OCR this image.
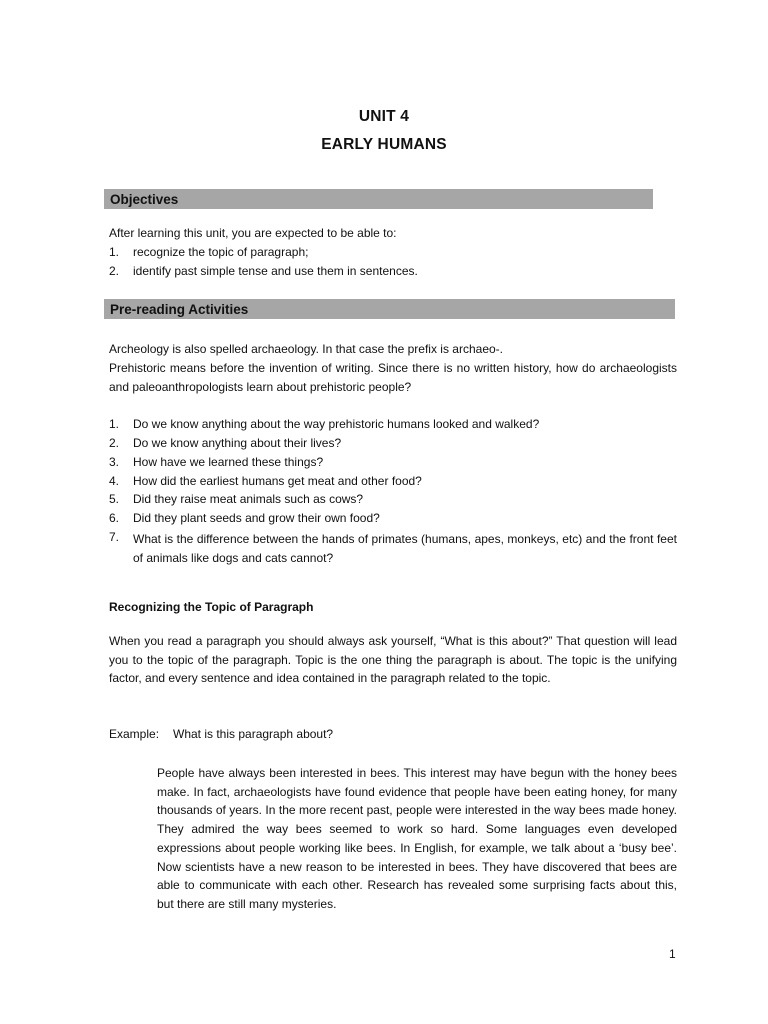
UNIT 4
EARLY HUMANS
Objectives
After learning this unit, you are expected to be able to:
1. recognize the topic of paragraph;
2. identify past simple tense and use them in sentences.
Pre-reading Activities
Archeology is also spelled archaeology. In that case the prefix is archaeo-.
Prehistoric means before the invention of writing. Since there is no written history, how do archaeologists and paleoanthropologists learn about prehistoric people?
1. Do we know anything about the way prehistoric humans looked and walked?
2. Do we know anything about their lives?
3. How have we learned these things?
4. How did the earliest humans get meat and other food?
5. Did they raise meat animals such as cows?
6. Did they plant seeds and grow their own food?
7. What is the difference between the hands of primates (humans, apes, monkeys, etc) and the front feet of animals like dogs and cats cannot?
Recognizing the Topic of Paragraph
When you read a paragraph you should always ask yourself, “What is this about?” That question will lead you to the topic of the paragraph. Topic is the one thing the paragraph is about. The topic is the unifying factor, and every sentence and idea contained in the paragraph related to the topic.
Example: What is this paragraph about?
People have always been interested in bees. This interest may have begun with the honey bees make. In fact, archaeologists have found evidence that people have been eating honey, for many thousands of years. In the more recent past, people were interested in the way bees made honey. They admired the way bees seemed to work so hard. Some languages even developed expressions about people working like bees. In English, for example, we talk about a ‘busy bee’. Now scientists have a new reason to be interested in bees. They have discovered that bees are able to communicate with each other. Research has revealed some surprising facts about this, but there are still many mysteries.
1
